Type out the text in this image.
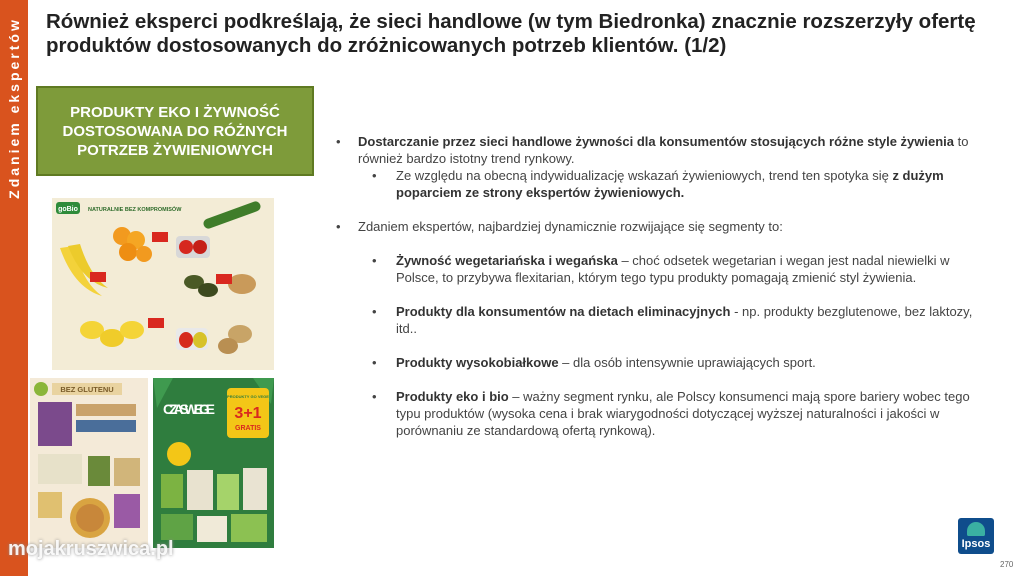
Zdaniem ekspertów Również eksperci podkreślają, że sieci handlowe (w tym Biedronka) znacznie rozszerzyły ofertę produktów dostosowanych do zróżnicowanych potrzeb klientów. (1/2)
PRODUKTY EKO I ŻYWNOŚĆ DOSTOSOWANA DO RÓŻNYCH POTRZEB ŻYWIENIOWYCH
goBio NATURALNIE BEZ KOMPROMISÓW
BEZ GLUTENU
CZAS WEGE
PRODUKTY GO VEGE
3+1
GRATIS
• Dostarczanie przez sieci handlowe żywności dla konsumentów stosujących różne style żywienia to również bardzo istotny trend rynkowy.
• Ze względu na obecną indywidualizację wskazań żywieniowych, trend ten spotyka się z dużym poparciem ze strony ekspertów żywieniowych.
• Zdaniem ekspertów, najbardziej dynamicznie rozwijające się segmenty to:
• Żywność wegetariańska i wegańska – choć odsetek wegetarian i wegan jest nadal niewielki w Polsce, to przybywa flexitarian, którym tego typu produkty pomagają zmienić styl żywienia.
• Produkty dla konsumentów na dietach eliminacyjnych - np. produkty bezglutenowe, bez laktozy, itd..
• Produkty wysokobiałkowe – dla osób intensywnie uprawiających sport.
• Produkty eko i bio – ważny segment rynku, ale Polscy konsumenci mają spore bariery wobec tego typu produktów (wysoka cena i brak wiarygodności dotyczącej wyższej naturalności i jakości w porównaniu ze standardową ofertą rynkową).
Ipsos
270
mojakruszwica.pl
